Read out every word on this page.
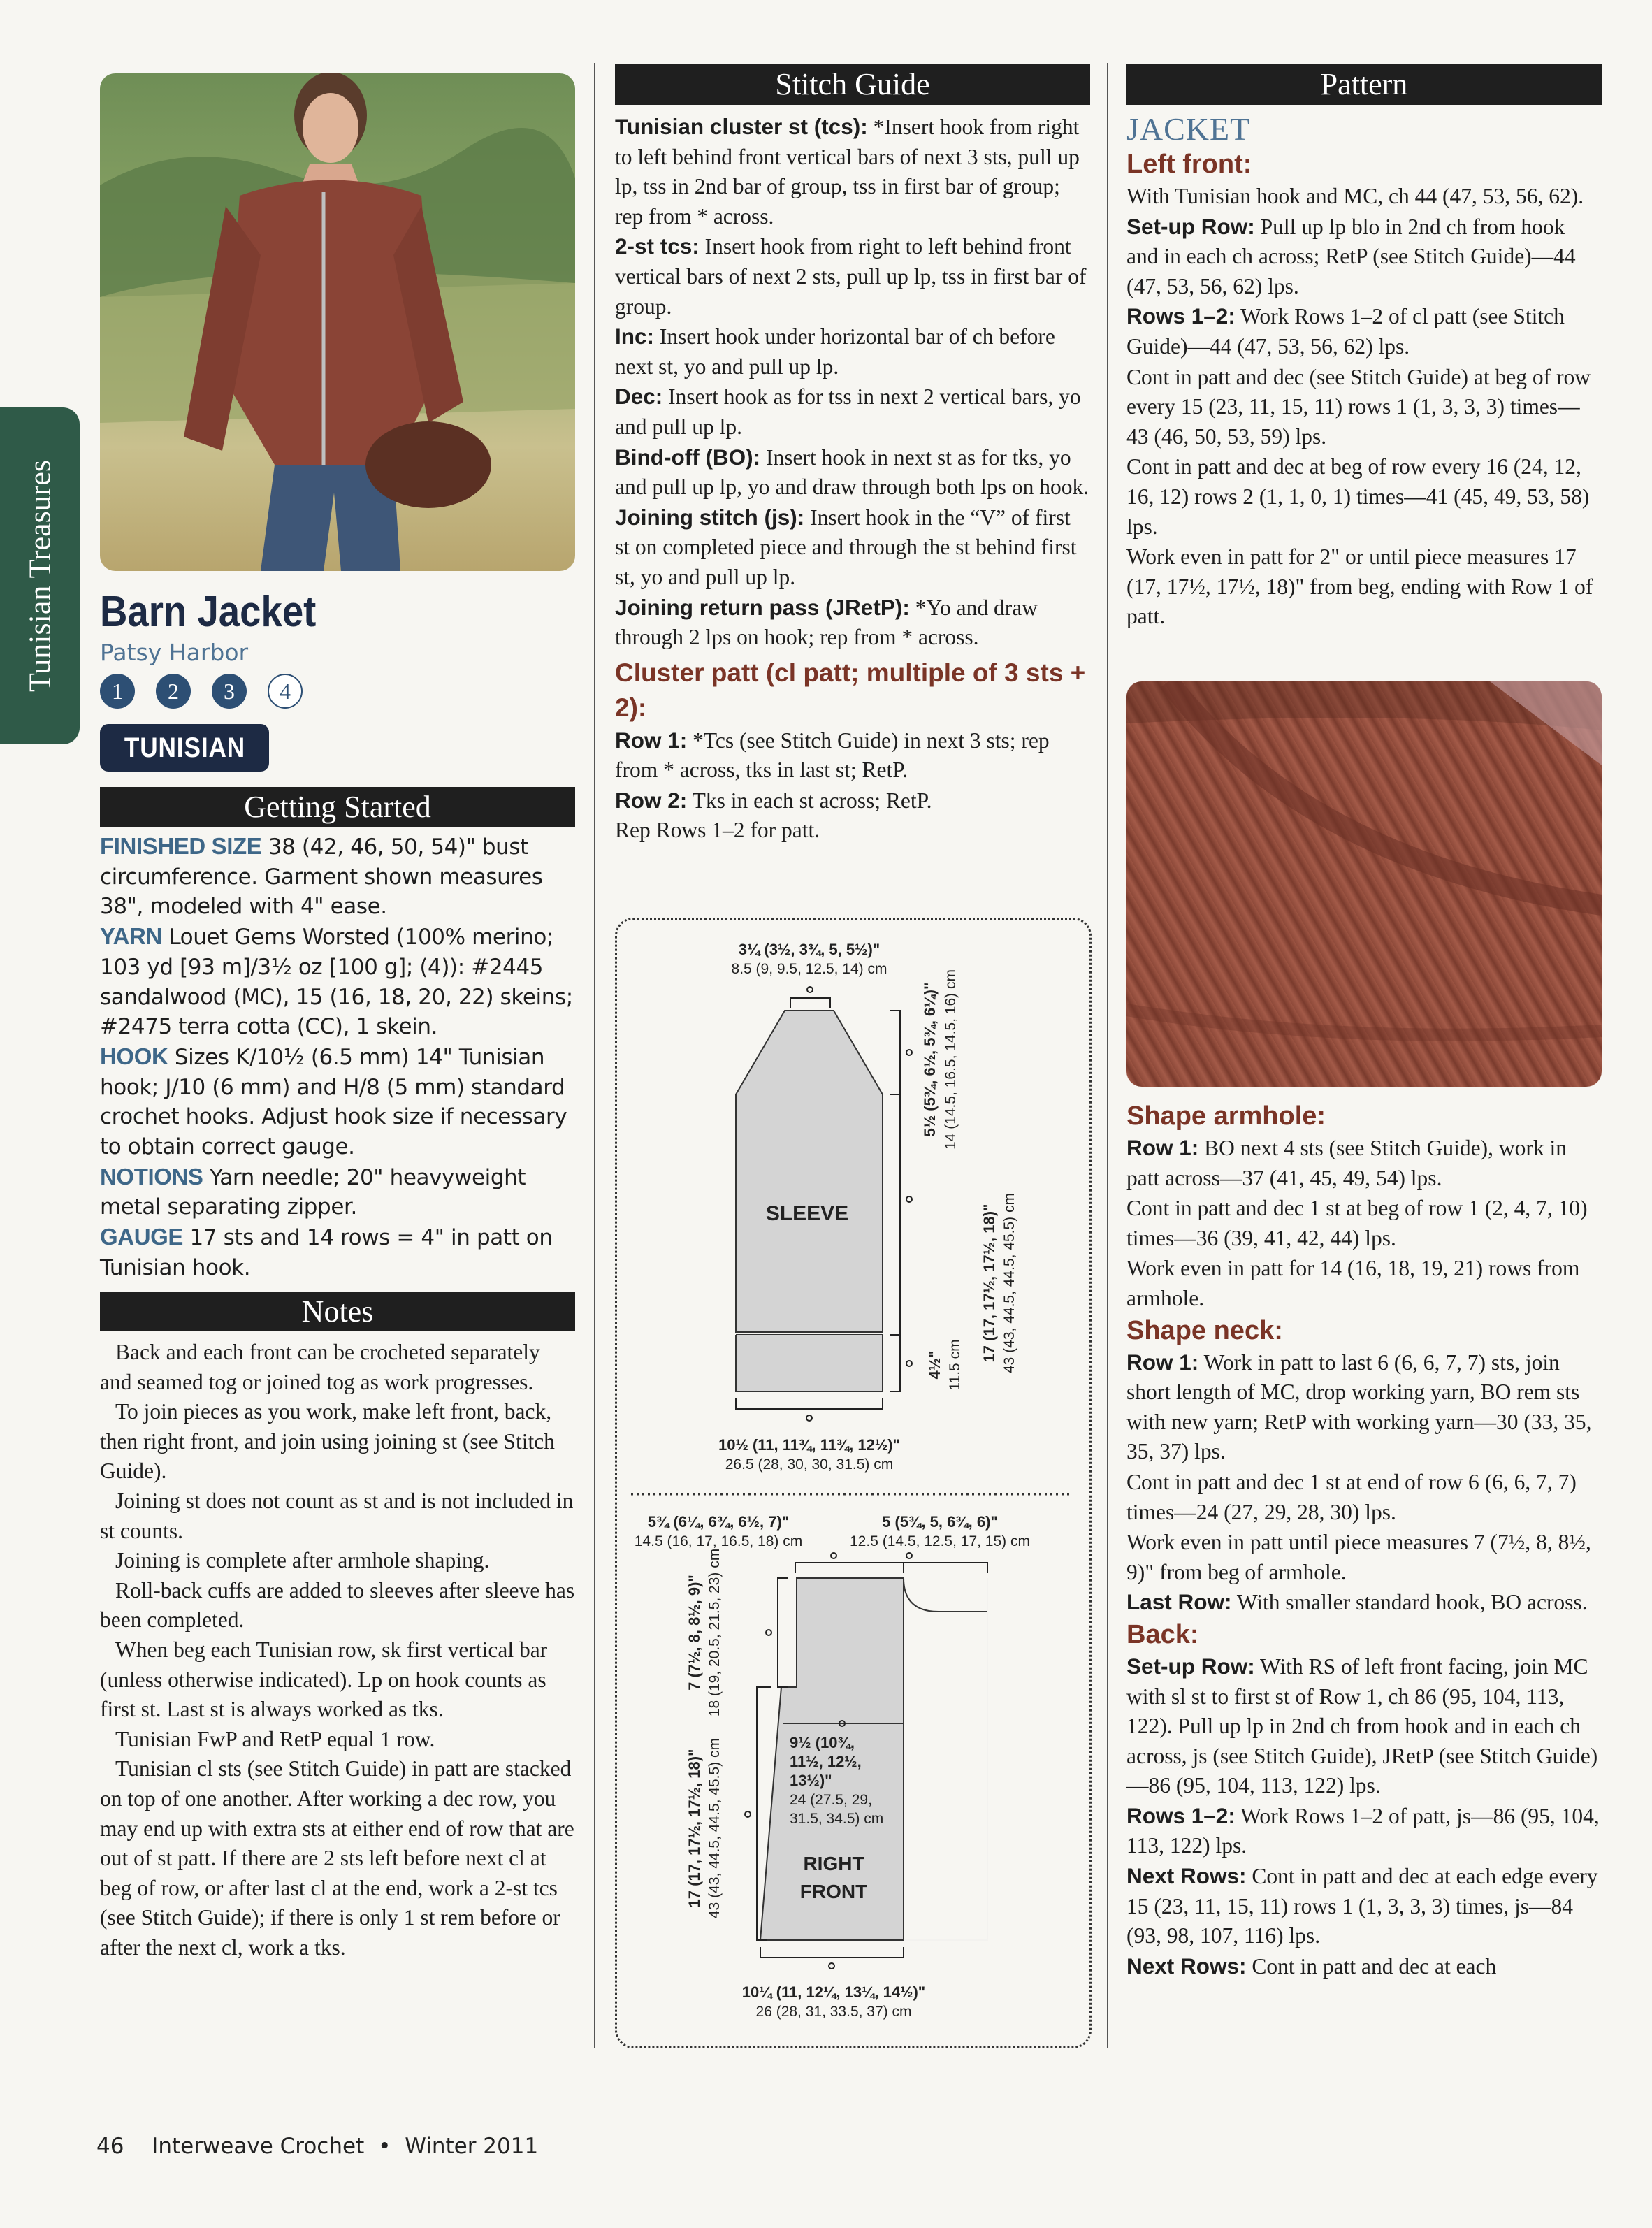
Tunisian Treasures Barn Jacket
Patsy Harbor
1	2	3	4
TUNISIAN
Getting Started

FINISHED SIZE 38 (42, 46, 50, 54)" bust circumference. Garment shown measures 38", modeled with 4" ease.

YARN Louet Gems Worsted (100% merino; 103 yd [93 m]/3½ oz [100 g]; (4)): #2445 sandalwood (MC), 15 (16, 18, 20, 22) skeins; #2475 terra cotta (CC), 1 skein.

HOOK Sizes K/10½ (6.5 mm) 14" Tunisian hook; J/10 (6 mm) and H/8 (5 mm) standard crochet hooks. Adjust hook size if necessary to obtain correct gauge.

NOTIONS Yarn needle; 20" heavyweight metal separating zipper.

GAUGE 17 sts and 14 rows = 4" in patt on Tunisian hook.

Notes

Back and each front can be crocheted separately and seamed tog or joined tog as work progresses.

To join pieces as you work, make left front, back, then right front, and join using joining st (see Stitch Guide).

Joining st does not count as st and is not included in st counts.

Joining is complete after armhole shaping.

Roll-back cuffs are added to sleeves after sleeve has been completed.

When beg each Tunisian row, sk first vertical bar (unless otherwise indicated). Lp on hook counts as first st. Last st is always worked as tks.

Tunisian FwP and RetP equal 1 row.

Tunisian cl sts (see Stitch Guide) in patt are stacked on top of one another. After working a dec row, you may end up with extra sts at either end of row that are out of st patt. If there are 2 sts left before next cl at beg of row, or after last cl at the end, work a 2-st tcs (see Stitch Guide); if there is only 1 st rem before or after the next cl, work a tks.

Stitch Guide

Tunisian cluster st (tcs): *Insert hook from right to left behind front vertical bars of next 3 sts, pull up lp, tss in 2nd bar of group, tss in first bar of group; rep from * across.

2-st tcs: Insert hook from right to left behind front vertical bars of next 2 sts, pull up lp, tss in first bar of group.

Inc: Insert hook under horizontal bar of ch before next st, yo and pull up lp.

Dec: Insert hook as for tss in next 2 vertical bars, yo and pull up lp.

Bind-off (BO): Insert hook in next st as for tks, yo and pull up lp, yo and draw through both lps on hook.

Joining stitch (js): Insert hook in the “V” of first st on completed piece and through the st behind first st, yo and pull up lp.

Joining return pass (JRetP): *Yo and draw through 2 lps on hook; rep from * across.

Cluster patt (cl patt; multiple of 3 sts + 2):

Row 1: *Tcs (see Stitch Guide) in next 3 sts; rep from * across, tks in last st; RetP.

Row 2: Tks in each st across; RetP.

Rep Rows 1–2 for patt.

3¼ (3½, 3¾, 5, 5½)"
8.5 (9, 9.5, 12.5, 14) cm
SLEEVE
5½ (5¾, 6½, 5¾, 6¼)" 14 (14.5, 16.5, 14.5, 16) cm
17 (17, 17½, 17½, 18)" 43 (43, 44.5, 44.5, 45.5) cm
4½" 11.5 cm
10½ (11, 11¾, 11¾, 12½)"
26.5 (28, 30, 30, 31.5) cm
5¾ (6¼, 6¾, 6½, 7)"
14.5 (16, 17, 16.5, 18) cm
5 (5¾, 5, 6¾, 6)"
12.5 (14.5, 12.5, 17, 15) cm
RIGHT
FRONT
9½ (10¾,
11½, 12½,
13½)"
24 (27.5, 29,
31.5, 34.5) cm
7 (7½, 8, 8½, 9)" 18 (19, 20.5, 21.5, 23) cm
17 (17, 17½, 17½, 18)" 43 (43, 44.5, 44.5, 45.5) cm
10¼ (11, 12¼, 13¼, 14½)"
26 (28, 31, 33.5, 37) cm
Pattern
JACKET

Left front:

With Tunisian hook and MC, ch 44 (47, 53, 56, 62).

Set-up Row: Pull up lp blo in 2nd ch from hook and in each ch across; RetP (see Stitch Guide)—44 (47, 53, 56, 62) lps.

Rows 1–2: Work Rows 1–2 of cl patt (see Stitch Guide)—44 (47, 53, 56, 62) lps.

Cont in patt and dec (see Stitch Guide) at beg of row every 15 (23, 11, 15, 11) rows 1 (1, 3, 3, 3) times—43 (46, 50, 53, 59) lps.

Cont in patt and dec at beg of row every 16 (24, 12, 16, 12) rows 2 (1, 1, 0, 1) times—41 (45, 49, 53, 58) lps.

Work even in patt for 2" or until piece measures 17 (17, 17½, 17½, 18)" from beg, ending with Row 1 of patt.

Shape armhole:

Row 1: BO next 4 sts (see Stitch Guide), work in patt across—37 (41, 45, 49, 54) lps.

Cont in patt and dec 1 st at beg of row 1 (2, 4, 7, 10) times—36 (39, 41, 42, 44) lps.

Work even in patt for 14 (16, 18, 19, 21) rows from armhole.

Shape neck:

Row 1: Work in patt to last 6 (6, 6, 7, 7) sts, join short length of MC, drop working yarn, BO rem sts with new yarn; RetP with working yarn—30 (33, 35, 35, 37) lps.

Cont in patt and dec 1 st at end of row 6 (6, 6, 7, 7) times—24 (27, 29, 28, 30) lps.

Work even in patt until piece measures 7 (7½, 8, 8½, 9)" from beg of armhole.

Last Row: With smaller standard hook, BO across.

Back:

Set-up Row: With RS of left front facing, join MC with sl st to first st of Row 1, ch 86 (95, 104, 113, 122). Pull up lp in 2nd ch from hook and in each ch across, js (see Stitch Guide), JRetP (see Stitch Guide)—86 (95, 104, 113, 122) lps.

Rows 1–2: Work Rows 1–2 of patt, js—86 (95, 104, 113, 122) lps.

Next Rows: Cont in patt and dec at each edge every 15 (23, 11, 15, 11) rows 1 (1, 3, 3, 3) times, js—84 (93, 98, 107, 116) lps.

Next Rows: Cont in patt and dec at each

46 Interweave Crochet • Winter 2011
